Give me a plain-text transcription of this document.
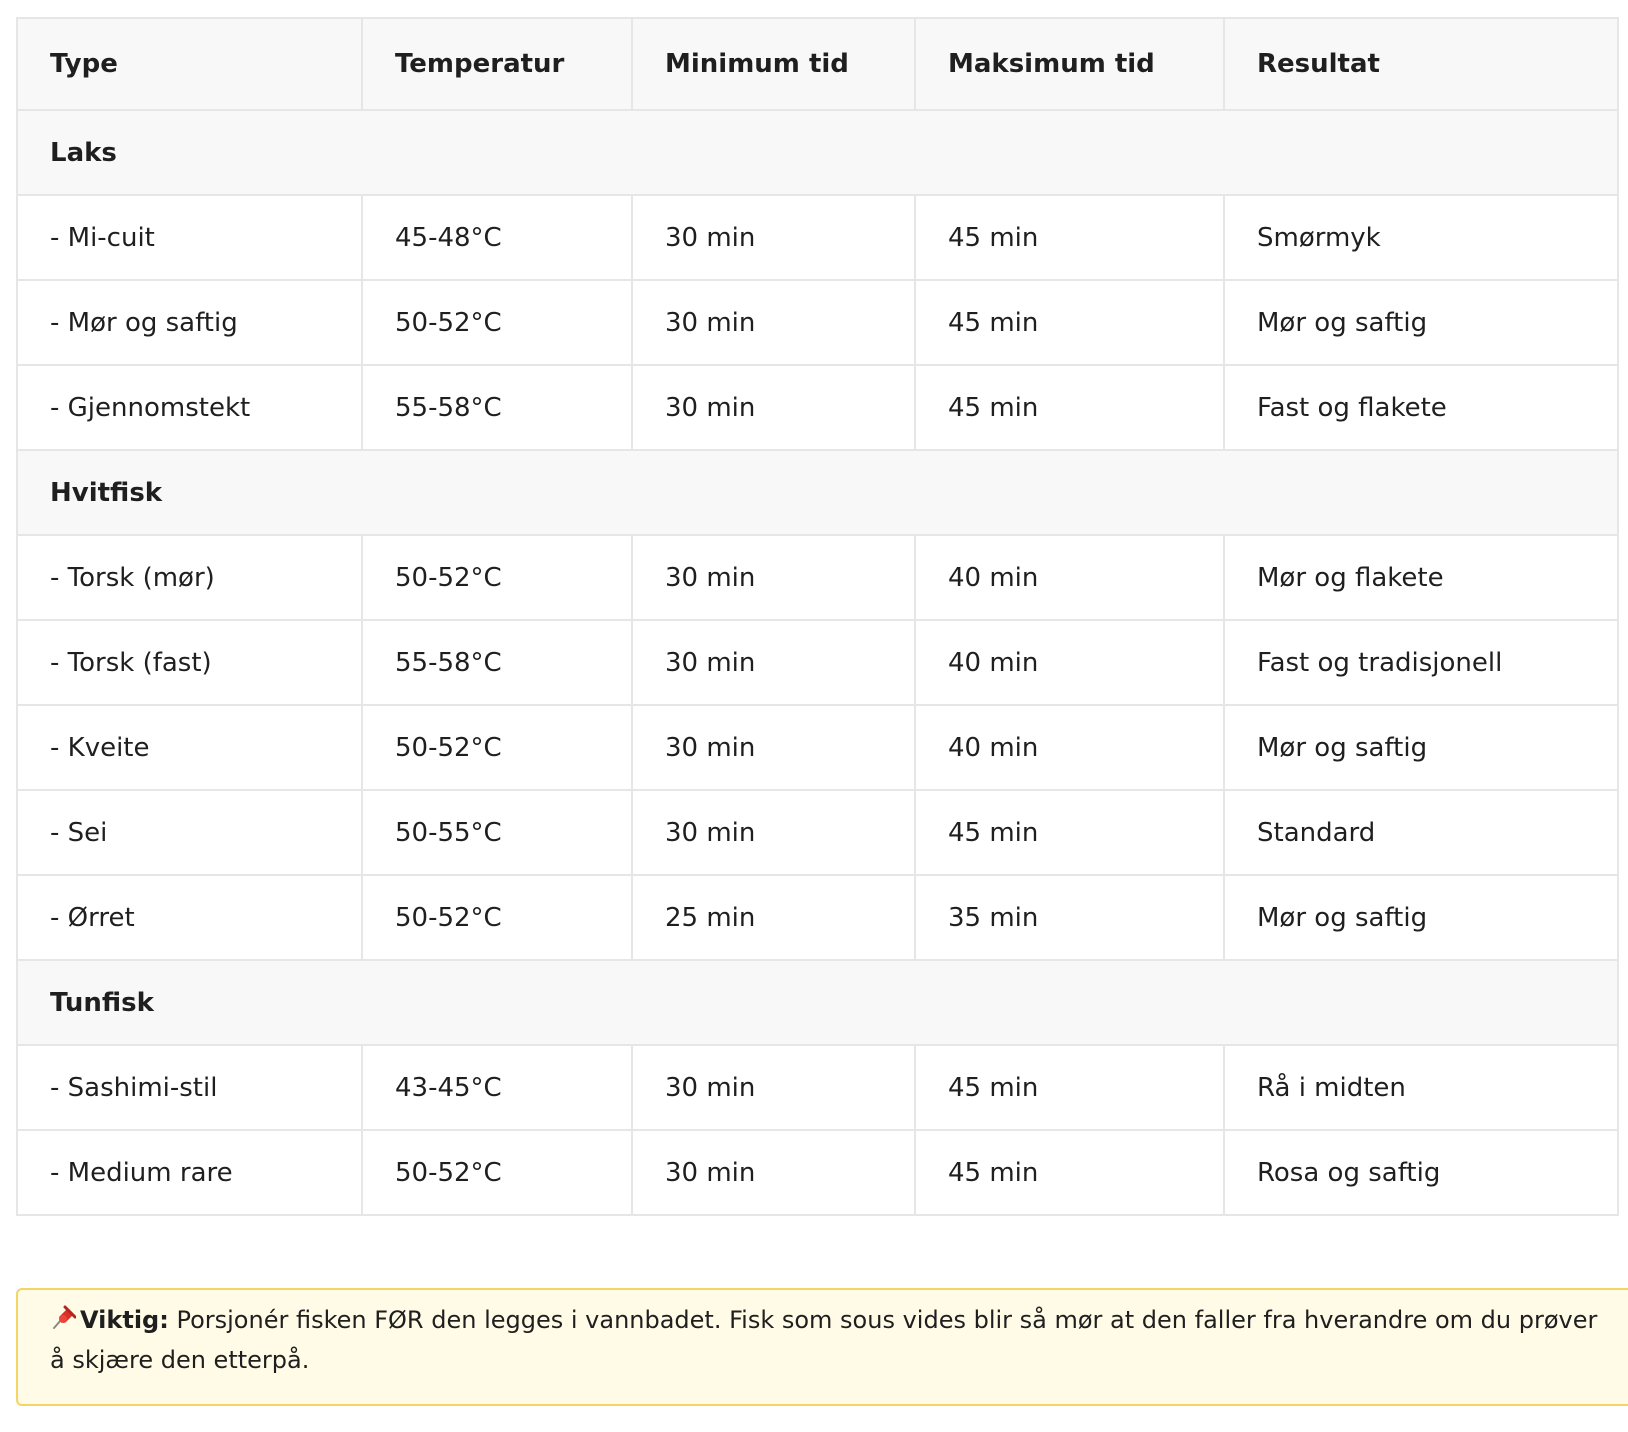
Type	Temperatur	Minimum tid	Maksimum tid	Resultat
Laks				
- Mi-cuit	45-48°C	30 min	45 min	Smørmyk
- Mør og saftig	50-52°C	30 min	45 min	Mør og saftig
- Gjennomstekt	55-58°C	30 min	45 min	Fast og flakete
Hvitfisk				
- Torsk (mør)	50-52°C	30 min	40 min	Mør og flakete
- Torsk (fast)	55-58°C	30 min	40 min	Fast og tradisjonell
- Kveite	50-52°C	30 min	40 min	Mør og saftig
- Sei	50-55°C	30 min	45 min	Standard
- Ørret	50-52°C	25 min	35 min	Mør og saftig
Tunfisk				
- Sashimi-stil	43-45°C	30 min	45 min	Rå i midten
- Medium rare	50-52°C	30 min	45 min	Rosa og saftig
Viktig: Porsjonér fisken FØR den legges i vannbadet. Fisk som sous vides blir så mør at den faller fra hverandre om du prøver å skjære den etterpå.
